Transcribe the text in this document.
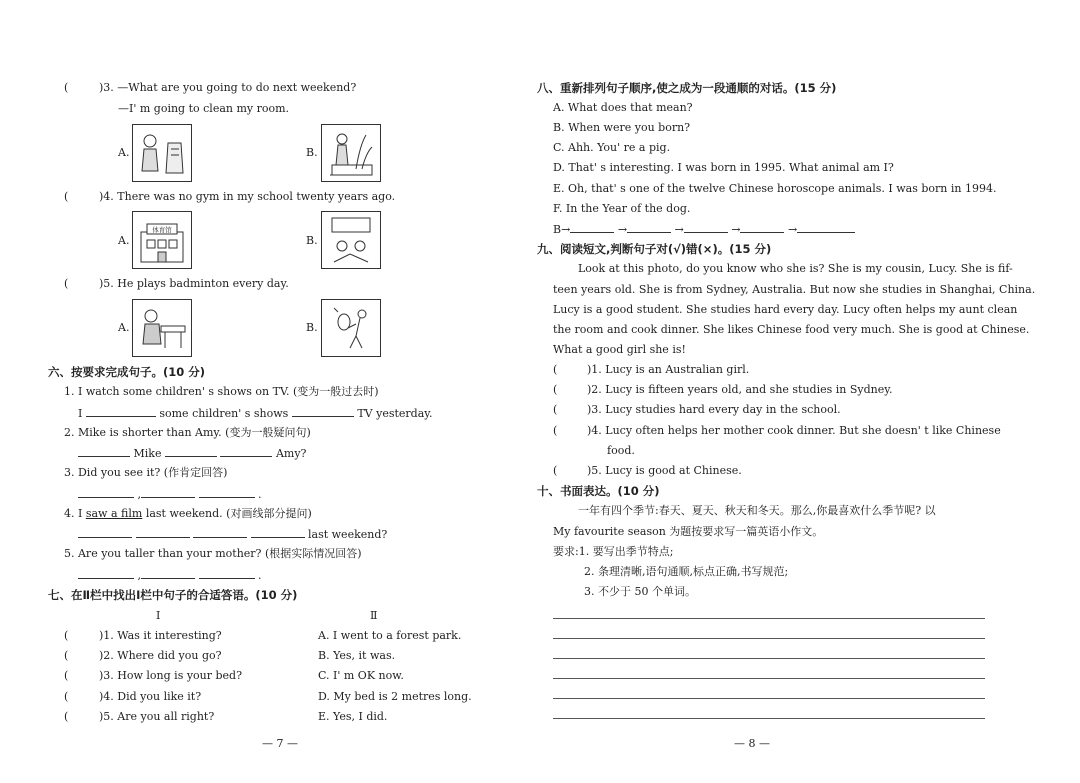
(	)3. —What are you going to do next weekend?
—I' m going to clean my room.
A.	B.
(	)4. There was no gym in my school twenty years ago.
A.
体育馆
B.
(	)5. He plays badminton every day.
A.	B.
六、按要求完成句子。(10 分)
1. I watch some children' s shows on TV. (变为一般过去时)
I	some children' s shows	TV yesterday.
2. Mike is shorter than Amy. (变为一般疑问句)
Mike	Amy?
3. Did you see it? (作肯定回答)
,	.
4. I saw a film last weekend. (对画线部分提问)
last weekend?
5. Are you taller than your mother? (根据实际情况回答)
,	.
七、在Ⅱ栏中找出Ⅰ栏中句子的合适答语。(10 分)
Ⅰ	Ⅱ
(	)1. Was it interesting?	A. I went to a forest park.
(	)2. Where did you go?	B. Yes, it was.
(	)3. How long is your bed?	C. I' m OK now.
(	)4. Did you like it?	D. My bed is 2 metres long.
(	)5. Are you all right?	E. Yes, I did.
— 7 —
八、重新排列句子顺序,使之成为一段通顺的对话。(15 分)
A. What does that mean?
B. When were you born?
C. Ahh. You' re a pig.
D. That' s interesting. I was born in 1995. What animal am I?
E. Oh, that' s one of the twelve Chinese horoscope animals. I was born in 1994.
F. In the Year of the dog.
B→	→	→	→	→
九、阅读短文,判断句子对(√)错(×)。(15 分)
Look at this photo, do you know who she is? She is my cousin, Lucy. She is fif-
teen years old. She is from Sydney, Australia. But now she studies in Shanghai, China.
Lucy is a good student. She studies hard every day. Lucy often helps my aunt clean
the room and cook dinner. She likes Chinese food very much. She is good at Chinese.
What a good girl she is!
(	)1. Lucy is an Australian girl.
(	)2. Lucy is fifteen years old, and she studies in Sydney.
(	)3. Lucy studies hard every day in the school.
(	)4. Lucy often helps her mother cook dinner. But she doesn' t like Chinese
food.
(	)5. Lucy is good at Chinese.
十、书面表达。(10 分)
一年有四个季节:春天、夏天、秋天和冬天。那么,你最喜欢什么季节呢? 以
My favourite season 为题按要求写一篇英语小作文。
要求:1. 要写出季节特点;
2. 条理清晰,语句通顺,标点正确,书写规范;
3. 不少于 50 个单词。
— 8 —
